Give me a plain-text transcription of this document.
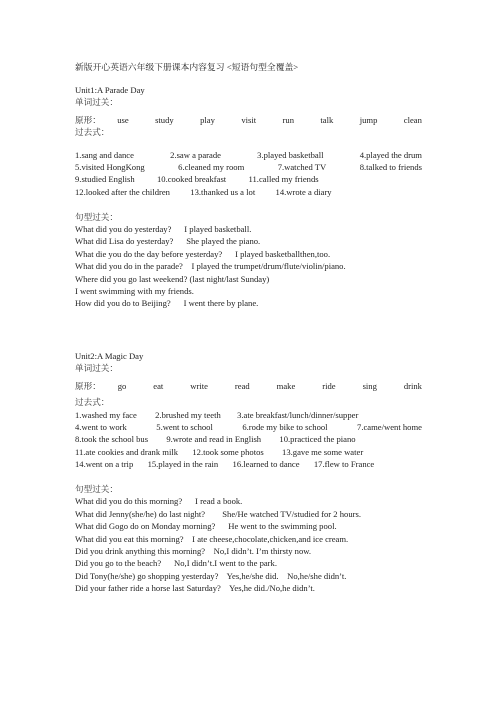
新版开心英语六年级下册课本内容复习 <短语句型全覆盖>
Unit1:A Parade Day
单词过关：
原形： use	study	play	visit	run	talk	jump	clean
过去式：
1.sang and dance	2.saw a parade	3.played basketball	4.played the drum
5.visited HongKong	6.cleaned my room	7.watched TV	8.talked to friends
9.studied English	10.cooked breakfast	11.called my friends
12.looked after the children 13.thanked us a lot 14.wrote a diary
句型过关：
What did you do yesterday?      I played basketball.
What did Lisa do yesterday?      She played the piano.
What die you do the day before yesterday?      I played basketballthen,too.
What did you do in the parade?    I played the trumpet/drum/flute/violin/piano.
Where did you go last weekend? (last night/last Sunday)
I went swimming with my friends.
How did you do to Beijing?      I went there by plane.
Unit2:A Magic Day
单词过关：
原形： go	eat	write	read	make	ride	sing	drink
过去式：
1.washed my face 2.brushed my teeth 3.ate breakfast/lunch/dinner/supper
4.went to work	5.went to school	6.rode my bike to school	7.came/went home
8.took the school bus 9.wrote and read in English 10.practiced the piano
11.ate cookies and drank milk 12.took some photos 13.gave me some water
14.went on a trip 15.played in the rain 16.learned to dance 17.flew to France
句型过关：
What did you do this morning?      I read a book.
What did Jenny(she/he) do last night?        She/He watched TV/studied for 2 hours.
What did Gogo do on Monday morning?      He went to the swimming pool.
What did you eat this morning?    I ate cheese,chocolate,chicken,and ice cream.
Did you drink anything this morning?    No,I didn’t. I’m thirsty now.
Did you go to the beach?      No,I didn’t.I went to the park.
Did Tony(he/she) go shopping yesterday?    Yes,he/she did.    No,he/she didn’t.
Did your father ride a horse last Saturday?    Yes,he did./No,he didn’t.
